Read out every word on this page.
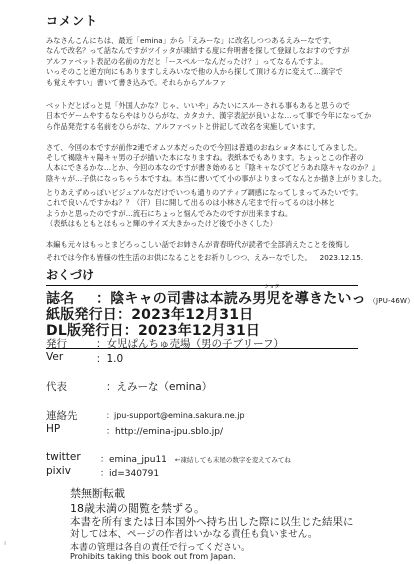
コメント

みなさんこんにちは、最近「emina」から「えみーな」に改名しつつあるえみーなです。

なんで改名？って話なんですがツイッタが凍結する度に弁明書を探して登録しなおすのですが

アルファベット表記の名前の方だと「ースペル一なんだったけ？」ってなるんですよ。

いっそのこと逆方向にもありますしえみいなで他の人から探して頂ける方に変えて…漢字で

も覚えやすい」書いて書き込みで。それらからアルファ

ベットだとぱっと見「外国人かな？じゃ、いいや」みたいにスルーされる事もあると思うので

日本でゲームやするならやはりひらがな、カタカナ、漢字表記が良いよな…って事で今年になってか

ら作品発売する名前をひらがな、アルファベットと併記して改名を実施しています。

さて、今回の本ですが前作2連でオムツ本だったので今回は普通のおねショタ本にしてみました。

そして褐陰キャ陽キャ男の子が描いた本になりますね。表紙本でもあります。ちょっとこの作者の

人本にできるかな…とか、今回の本なのですが書き始めると『陰キャなびてどうあれ陰キャなのか？』

陰キャが…子供になっちゃう本ですね。本当に書いてて小の事がよりまってなんとか描き上がりました。

とりあえずめっぽいビジュアルなだけでいつも通りのアティブ調感になってしまってみたいです。

これで良いんですかね？？（汗）目に開して出るのは小林さん宅まで行ってるのは小林と

ようかと思ったのですが…流石にちょっと悩んでみたのですが出来ますね。

（表紙はもともとほもっと輝のサイズ大きかったけど後で小さくした）

本編も元々はもっとまどろっこしい話でお姉さんが青春時代が読者で全部消えたことを後悔し

それでは今作も皆様の性生活のお供になることをお祈りしつつ、えみーなでした。 2023.12.15.
おくづけ
誌名 ：陰キャの司書は本読み男児を導きたいっ （JPU-46W）
ショタ
紙版発行日：2023年12月31日
DL版発行日：2023年12月31日
発行	：女児ぱんちゅ売場（男の子ブリーフ）
Ver	：1.0
代表	：えみーな（emina）
連絡先	：jpu-support@emina.sakura.ne.jp
HP	：http://emina-jpu.sblo.jp/
twitter ：emina_jpu11 ←凍結しても末尾の数字を変えてみてね
pixiv	：id=340791
禁無断転載
18歳未満の閲覧を禁ずる。

本書を所有または日本国外へ持ち出した際に以生じた結果に

対しては本、ページの作者はいかなる責任も負いません。

本書の管理は各自の責任で行ってください。

Prohibits taking this book out from Japan.

≀
